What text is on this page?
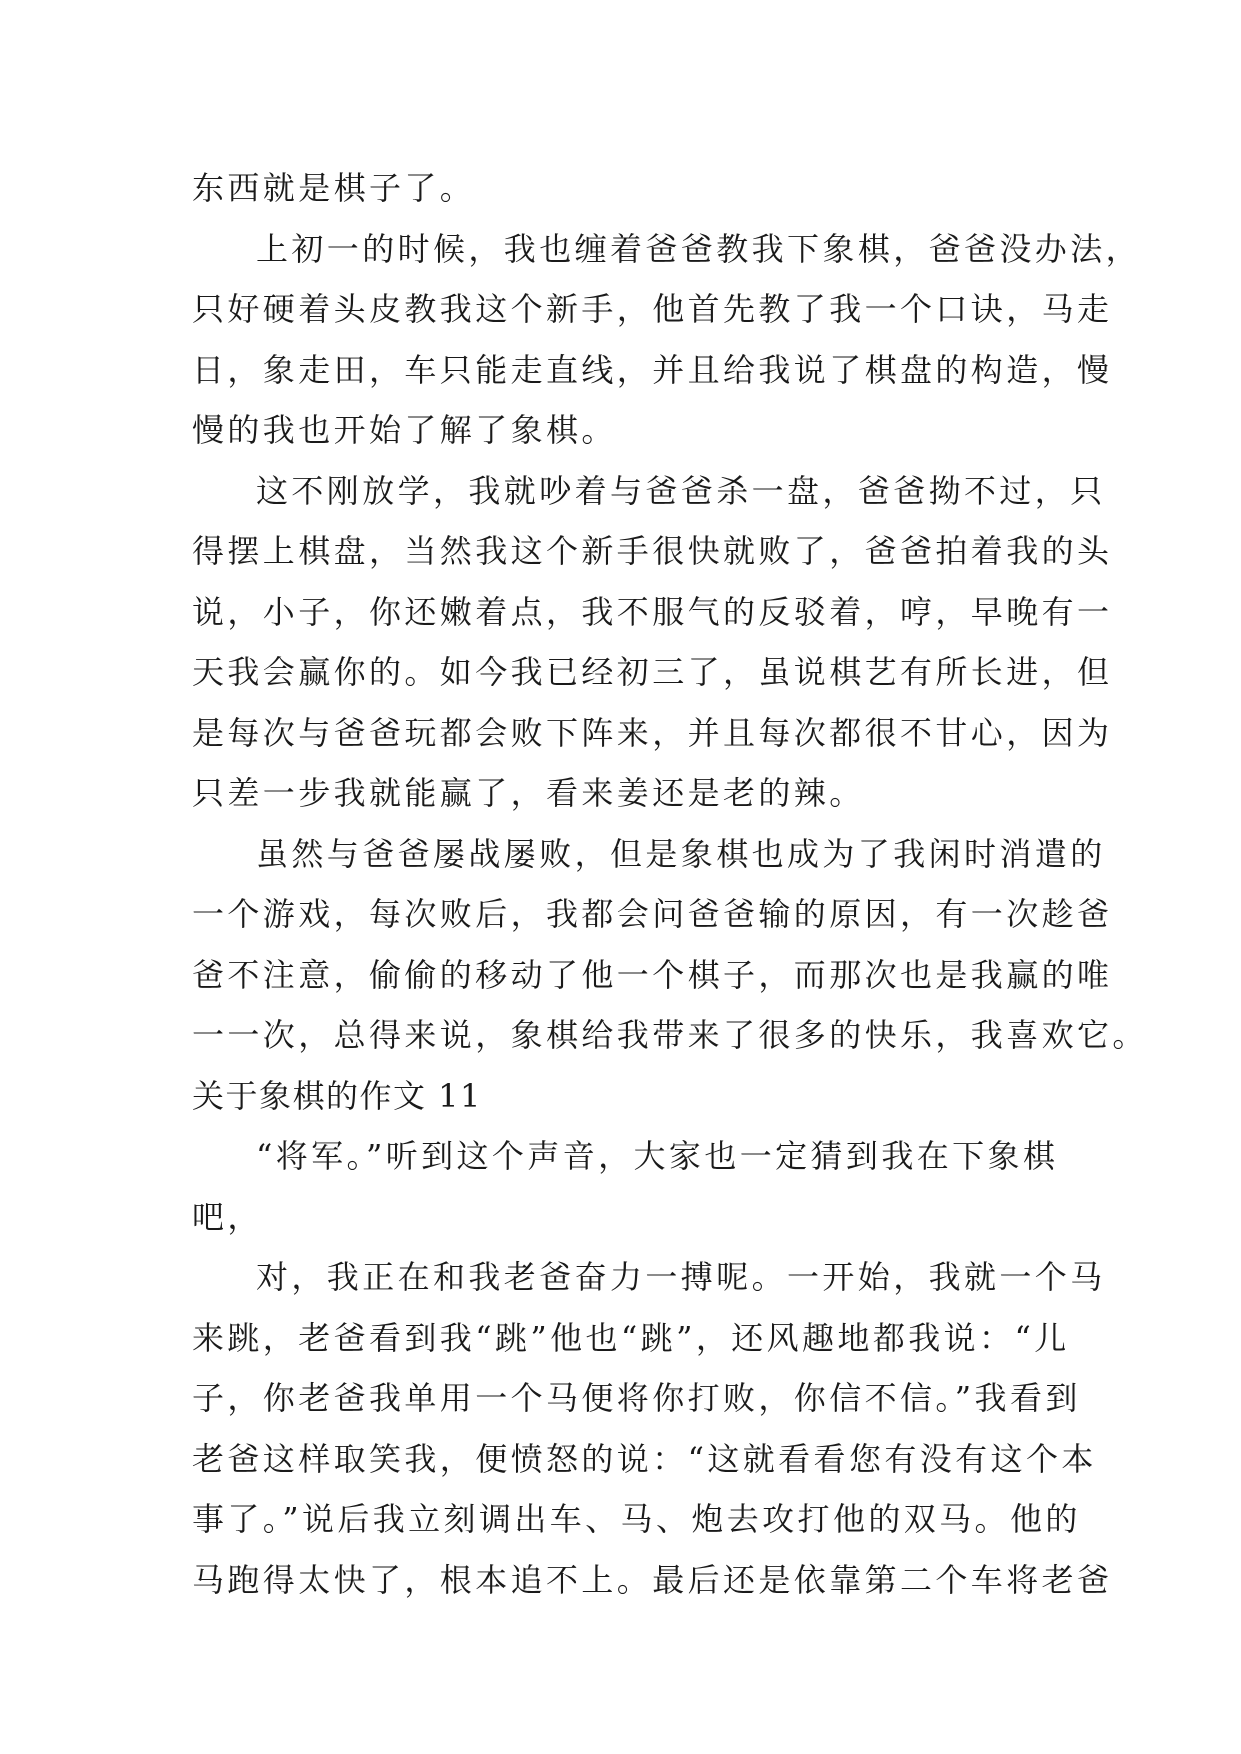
东西就是棋子了。
上初一的时候，我也缠着爸爸教我下象棋，爸爸没办法，
只好硬着头皮教我这个新手，他首先教了我一个口诀，马走
日，象走田，车只能走直线，并且给我说了棋盘的构造，慢
慢的我也开始了解了象棋。
这不刚放学，我就吵着与爸爸杀一盘，爸爸拗不过，只
得摆上棋盘，当然我这个新手很快就败了，爸爸拍着我的头
说，小子，你还嫩着点，我不服气的反驳着，哼，早晚有一
天我会赢你的。如今我已经初三了，虽说棋艺有所长进，但
是每次与爸爸玩都会败下阵来，并且每次都很不甘心，因为
只差一步我就能赢了，看来姜还是老的辣。
虽然与爸爸屡战屡败，但是象棋也成为了我闲时消遣的
一个游戏，每次败后，我都会问爸爸输的原因，有一次趁爸
爸不注意，偷偷的移动了他一个棋子，而那次也是我赢的唯
一一次，总得来说，象棋给我带来了很多的快乐，我喜欢它。
关于象棋的作文 11
“将军。”听到这个声音，大家也一定猜到我在下象棋
吧，
对，我正在和我老爸奋力一搏呢。一开始，我就一个马
来跳，老爸看到我“跳”他也“跳”，还风趣地都我说：“儿
子，你老爸我单用一个马便将你打败，你信不信。”我看到
老爸这样取笑我，便愤怒的说：“这就看看您有没有这个本
事了。”说后我立刻调出车、马、炮去攻打他的双马。他的
马跑得太快了，根本追不上。最后还是依靠第二个车将老爸
